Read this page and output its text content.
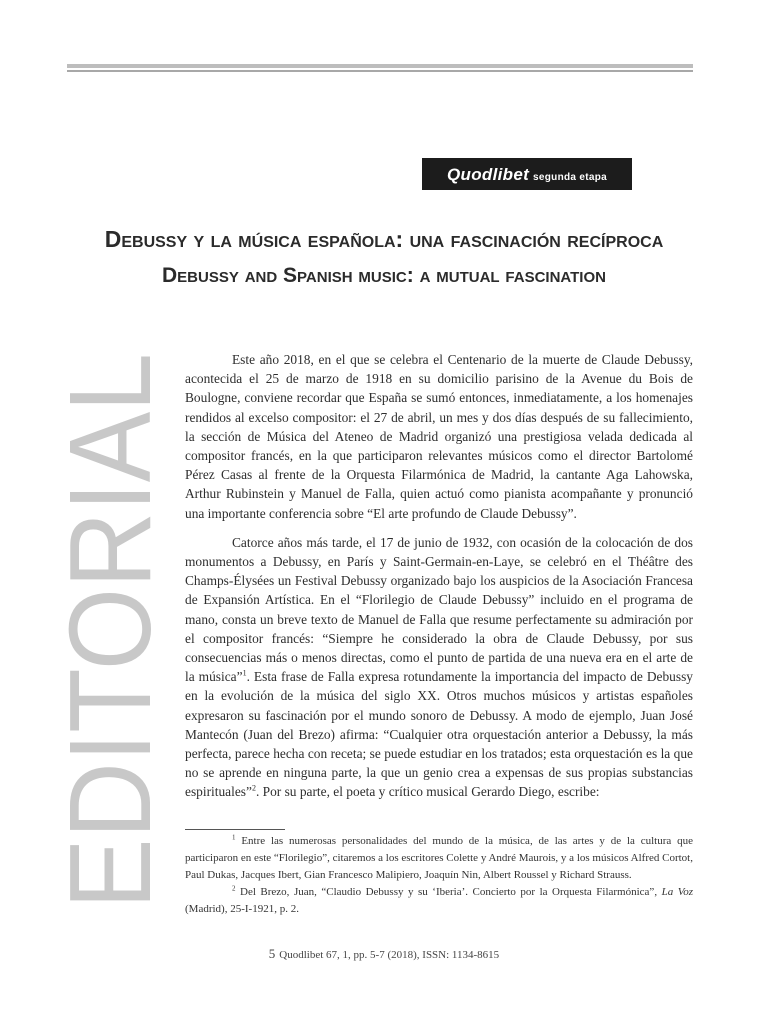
Quodlibet segunda etapa
Debussy y la música española: una fascinación recíproca
Debussy and Spanish music: a mutual fascination
EDITORIAL	Este año 2018, en el que se celebra el Centenario de la muerte de Claude Debussy, acontecida el 25 de marzo de 1918 en su domicilio parisino de la Avenue du Bois de Boulogne, conviene recordar que España se sumó entonces, inmediatamente, a los homenajes rendidos al excelso compositor: el 27 de abril, un mes y dos días después de su fallecimiento, la sección de Música del Ateneo de Madrid organizó una prestigiosa velada dedicada al compositor francés, en la que participaron relevantes músicos como el director Bartolomé Pérez Casas al frente de la Orquesta Filarmónica de Madrid, la cantante Aga Lahowska, Arthur Rubinstein y Manuel de Falla, quien actuó como pianista acompañante y pronunció una importante conferencia sobre “El arte profundo de Claude Debussy”.

Catorce años más tarde, el 17 de junio de 1932, con ocasión de la colocación de dos monumentos a Debussy, en París y Saint-Germain-en-Laye, se celebró en el Théâtre des Champs-Élysées un Festival Debussy organizado bajo los auspicios de la Asociación Francesa de Expansión Artística. En el “Florilegio de Claude Debussy” incluido en el programa de mano, consta un breve texto de Manuel de Falla que resume perfectamente su admiración por el compositor francés: “Siempre he considerado la obra de Claude Debussy, por sus consecuencias más o menos directas, como el punto de partida de una nueva era en el arte de la música”$^1$. Esta frase de Falla expresa rotundamente la importancia del impacto de Debussy en la evolución de la música del siglo XX. Otros muchos músicos y artistas españoles expresaron su fascinación por el mundo sonoro de Debussy. A modo de ejemplo, Juan José Mantecón (Juan del Brezo) afirma: “Cualquier otra orquestación anterior a Debussy, la más perfecta, parece hecha con receta; se puede estudiar en los tratados; esta orquestación es la que no se aprende en ninguna parte, la que un genio crea a expensas de sus propias substancias espirituales”$^2$. Por su parte, el poeta y crítico musical Gerardo Diego, escribe:

$^1$ Entre las numerosas personalidades del mundo de la música, de las artes y de la cultura que participaron en este “Florilegio”, citaremos a los escritores Colette y André Maurois, y a los músicos Alfred Cortot, Paul Dukas, Jacques Ibert, Gian Francesco Malipiero, Joaquín Nin, Albert Roussel y Richard Strauss.

$^2$ Del Brezo, Juan, “Claudio Debussy y su ‘Iberia’. Concierto por la Orquesta Filarmónica”, La Voz (Madrid), 25-I-1921, p. 2.

5 Quodlibet 67, 1, pp. 5-7 (2018), ISSN: 1134-8615
